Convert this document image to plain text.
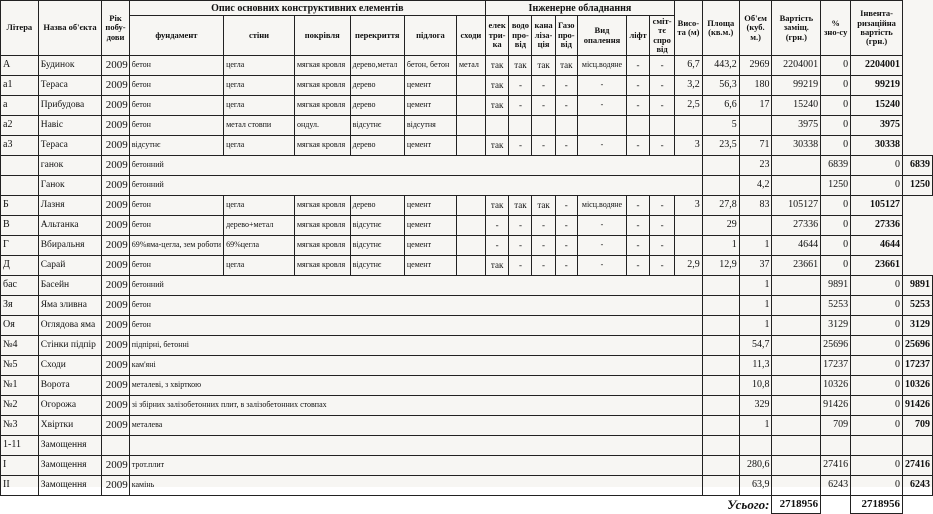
Літера	Назва об'єкта	Рік побу-дови	Опис основних конструктивних елементів						Інженерне обладнання							Висо-та (м)	Площа (кв.м.)	Об'єм (куб. м.)	Вартість заміщ. (грн.)	% зно-су	Інвента-ризаційна вартість (грн.)	
			фундамент	стіни	покрівля	перекриття	підлога	сходи	елек три-ка	водо про-від	кана лізa-ція	Газо про-від	Вид опалення	ліфт	сміт-тє спро від							
А	Будинок	2009	бетон	цегла	мягкая кровля	дерево,метал	бетон, бетон	метал	так	так	так	так	місц.водяне	-	-	6,7	443,2	2969	2204001	0	2204001	
а1	Тераса	2009	бетон	цегла	мягкая кровля	дерево	цемент		так	-	-	-	-	-	-	3,2	56,3	180	99219	0	99219	
а	Прибудова	2009	бетон	цегла	мягкая кровля	дерево	цемент		так	-	-	-	-	-	-	2,5	6,6	17	15240	0	15240	
а2	Навіс	2009	бетон	метал стовпи	ондул.	відсутнє	відсутня										5		3975	0	3975	
а3	Тераса	2009	відсутнє	цегла	мягкая кровля	дерево	цемент		так	-	-	-	-	-	-	3	23,5	71	30338	0	30338	
	ганок	2009	бетонний															23		6839	0	6839
	Ганок	2009	бетонний															4,2		1250	0	1250
Б	Лазня	2009	бетон	цегла	мягкая кровля	дерево	цемент		так	так	так	-	місц.водяне	-	-	3	27,8	83	105127	0	105127	
В	Альтанка	2009	бетон	дерево+метал	мягкая кровля	відсутнє	цемент		-	-	-	-	-	-	-		29		27336	0	27336	
Г	Вбиральня	2009	69%яма-цегла, зем роботи	69%цегла	мягкая кровля	відсутнє	цемент		-	-	-	-	-	-	-		1	1	4644	0	4644	
Д	Сарай	2009	бетон	цегла	мягкая кровля	відсутнє	цемент		так	-	-	-	-	-	-	2,9	12,9	37	23661	0	23661	
бас	Басейн	2009	бетонний															1		9891	0	9891
Зя	Яма зливна	2009	бетон															1		5253	0	5253
Оя	Оглядова яма	2009	бетон															1		3129	0	3129
№4	Стінки підпір	2009	підпірні, бетонні															54,7		25696	0	25696
№5	Сходи	2009	кам'яні															11,3		17237	0	17237
№1	Ворота	2009	металеві, з хвірткою															10,8		10326	0	10326
№2	Огорожа	2009	зі збірних залізобетонних плит, в залізобетонних стовпах															329		91426	0	91426
№3	Хвіртки	2009	металева															1		709	0	709
1-11	Замощення																					
І	Замощення	2009	трот.плит															280,6		27416	0	27416
ІІ	Замощення	2009	камінь															63,9		6243	0	6243
Усього:																			2718956		2718956	
